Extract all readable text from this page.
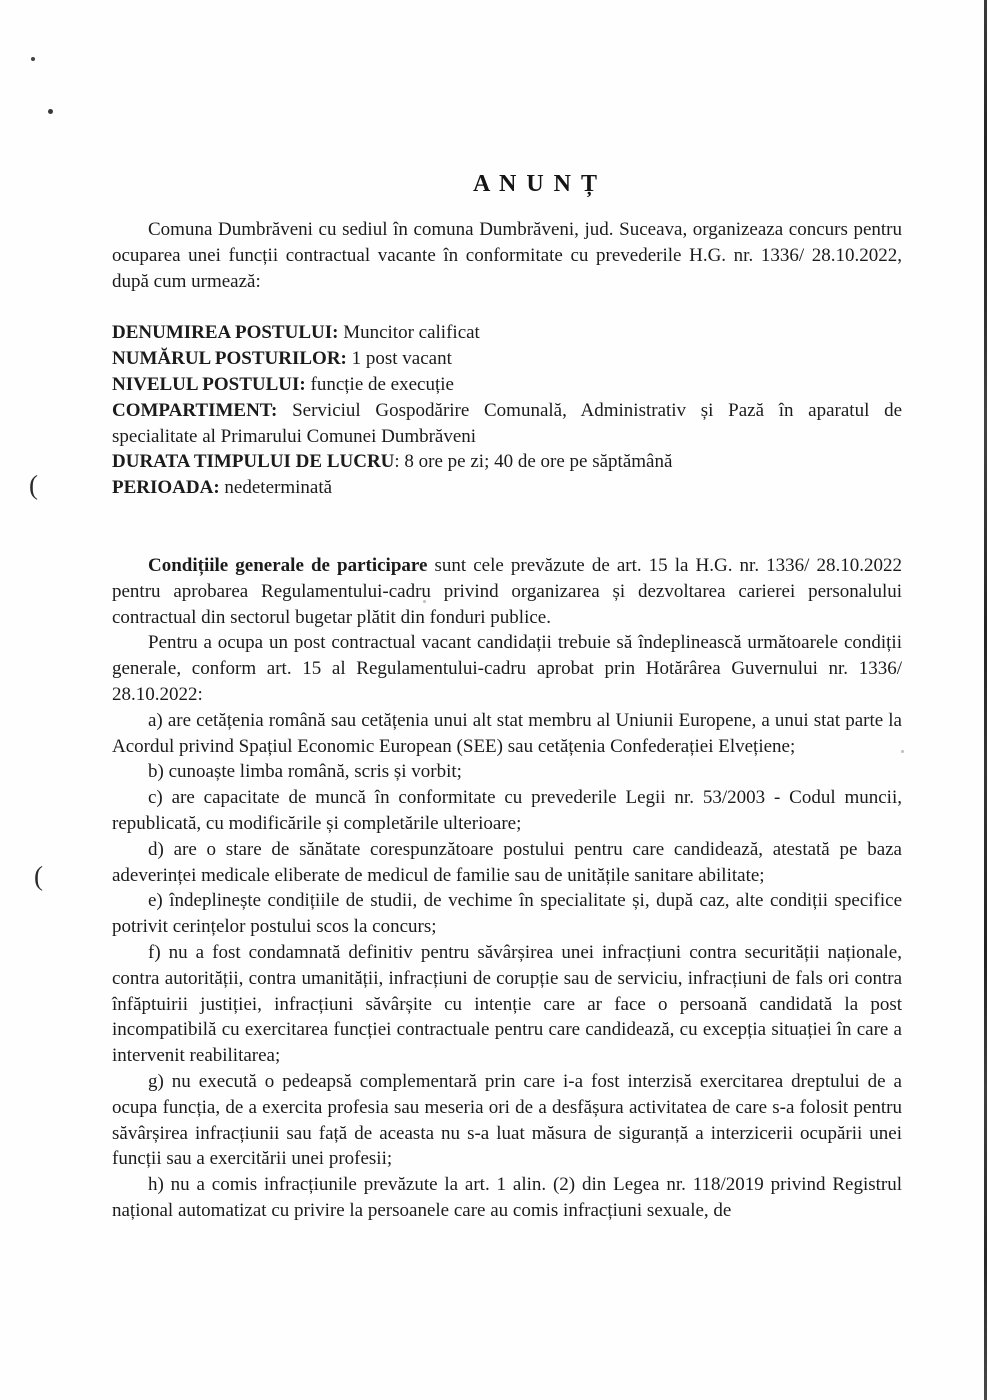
(
(
A N U N Ț

Comuna Dumbrăveni cu sediul în comuna Dumbrăveni, jud. Suceava, organizeaza concurs pentru ocuparea unei funcții contractual vacante în conformitate cu prevederile H.G. nr. 1336/ 28.10.2022, după cum urmează:

DENUMIREA POSTULUI: Muncitor calificat

NUMĂRUL POSTURILOR: 1 post vacant

NIVELUL POSTULUI: funcție de execuție

COMPARTIMENT: Serviciul Gospodărire Comunală, Administrativ și Pază în aparatul de specialitate al Primarului Comunei Dumbrăveni

DURATA TIMPULUI DE LUCRU: 8 ore pe zi; 40 de ore pe săptămână

PERIOADA: nedeterminată

Condițiile generale de participare sunt cele prevăzute de art. 15 la H.G. nr. 1336/ 28.10.2022 pentru aprobarea Regulamentului-cadru privind organizarea și dezvoltarea carierei personalului contractual din sectorul bugetar plătit din fonduri publice.

Pentru a ocupa un post contractual vacant candidații trebuie să îndeplinească următoarele condiții generale, conform art. 15 al Regulamentului-cadru aprobat prin Hotărârea Guvernului nr. 1336/ 28.10.2022:

a) are cetățenia română sau cetățenia unui alt stat membru al Uniunii Europene, a unui stat parte la Acordul privind Spațiul Economic European (SEE) sau cetățenia Confederației Elvețiene;

b) cunoaște limba română, scris și vorbit;

c) are capacitate de muncă în conformitate cu prevederile Legii nr. 53/2003 - Codul muncii, republicată, cu modificările și completările ulterioare;

d) are o stare de sănătate corespunzătoare postului pentru care candidează, atestată pe baza adeverinței medicale eliberate de medicul de familie sau de unitățile sanitare abilitate;

e) îndeplinește condițiile de studii, de vechime în specialitate și, după caz, alte condiții specifice potrivit cerințelor postului scos la concurs;

f) nu a fost condamnată definitiv pentru săvârșirea unei infracțiuni contra securității naționale, contra autorității, contra umanității, infracțiuni de corupție sau de serviciu, infracțiuni de fals ori contra înfăptuirii justiției, infracțiuni săvârșite cu intenție care ar face o persoană candidată la post incompatibilă cu exercitarea funcției contractuale pentru care candidează, cu excepția situației în care a intervenit reabilitarea;

g) nu execută o pedeapsă complementară prin care i-a fost interzisă exercitarea dreptului de a ocupa funcția, de a exercita profesia sau meseria ori de a desfășura activitatea de care s-a folosit pentru săvârșirea infracțiunii sau față de aceasta nu s-a luat măsura de siguranță a interzicerii ocupării unei funcții sau a exercitării unei profesii;

h) nu a comis infracțiunile prevăzute la art. 1 alin. (2) din Legea nr. 118/2019 privind Registrul național automatizat cu privire la persoanele care au comis infracțiuni sexuale, de
